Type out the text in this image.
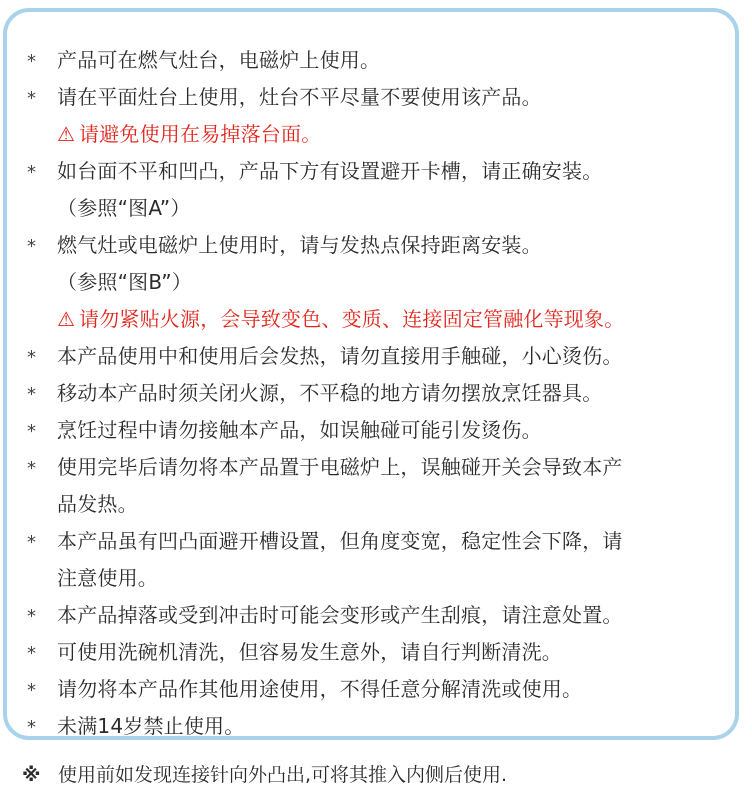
* 产品可在燃气灶台，电磁炉上使用。
* 请在平面灶台上使用，灶台不平尽量不要使用该产品。
⚠ 请避免使用在易掉落台面。
* 如台面不平和凹凸，产品下方有设置避开卡槽，请正确安装。
（参照“图A”）
* 燃气灶或电磁炉上使用时，请与发热点保持距离安装。
（参照“图B”）
⚠ 请勿紧贴火源，会导致变色、变质、连接固定管融化等现象。
* 本产品使用中和使用后会发热，请勿直接用手触碰，小心烫伤。
* 移动本产品时须关闭火源，不平稳的地方请勿摆放烹饪器具。
* 烹饪过程中请勿接触本产品，如误触碰可能引发烫伤。
* 使用完毕后请勿将本产品置于电磁炉上，误触碰开关会导致本产
品发热。
* 本产品虽有凹凸面避开槽设置，但角度变宽，稳定性会下降，请
注意使用。
* 本产品掉落或受到冲击时可能会变形或产生刮痕，请注意处置。
* 可使用洗碗机清洗，但容易发生意外，请自行判断清洗。
* 请勿将本产品作其他用途使用，不得任意分解清洗或使用。
* 未满14岁禁止使用。
※ 使用前如发现连接针向外凸出,可将其推入内侧后使用.
